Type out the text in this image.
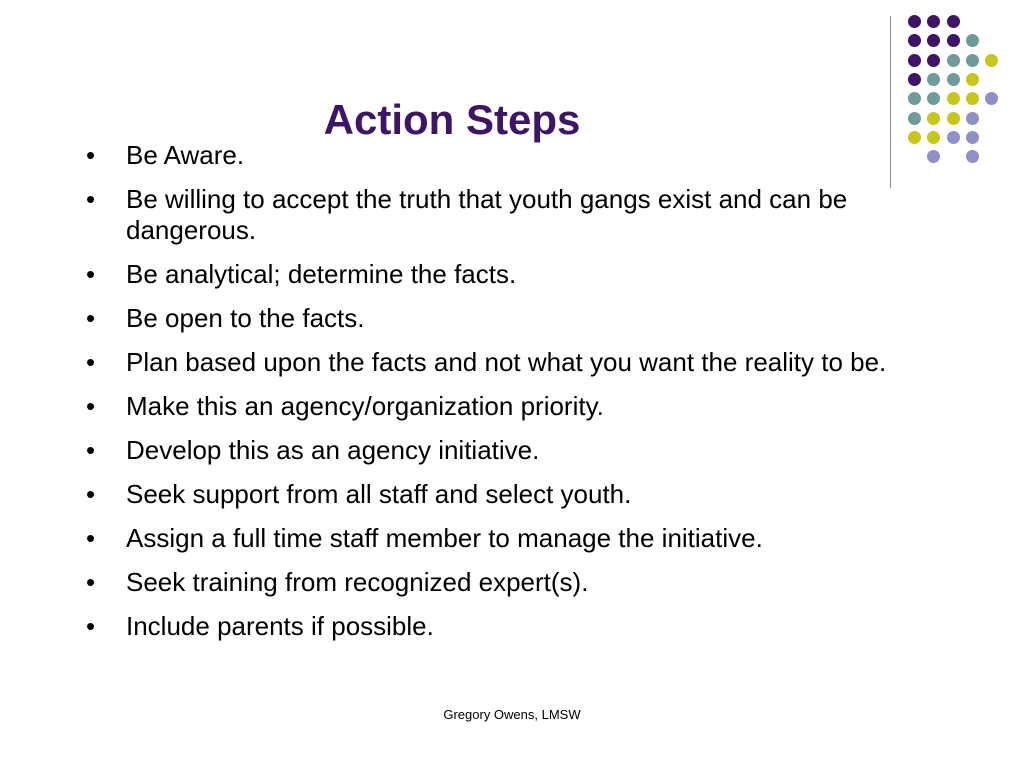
Action Steps
• Be Aware.
• Be willing to accept the truth that youth gangs exist and can be dangerous.
• Be analytical; determine the facts.
• Be open to the facts.
• Plan based upon the facts and not what you want the reality to be.
• Make this an agency/organization priority.
• Develop this as an agency initiative.
• Seek support from all staff and select youth.
• Assign a full time staff member to manage the initiative.
• Seek training from recognized expert(s).
• Include parents if possible.
Gregory Owens, LMSW
